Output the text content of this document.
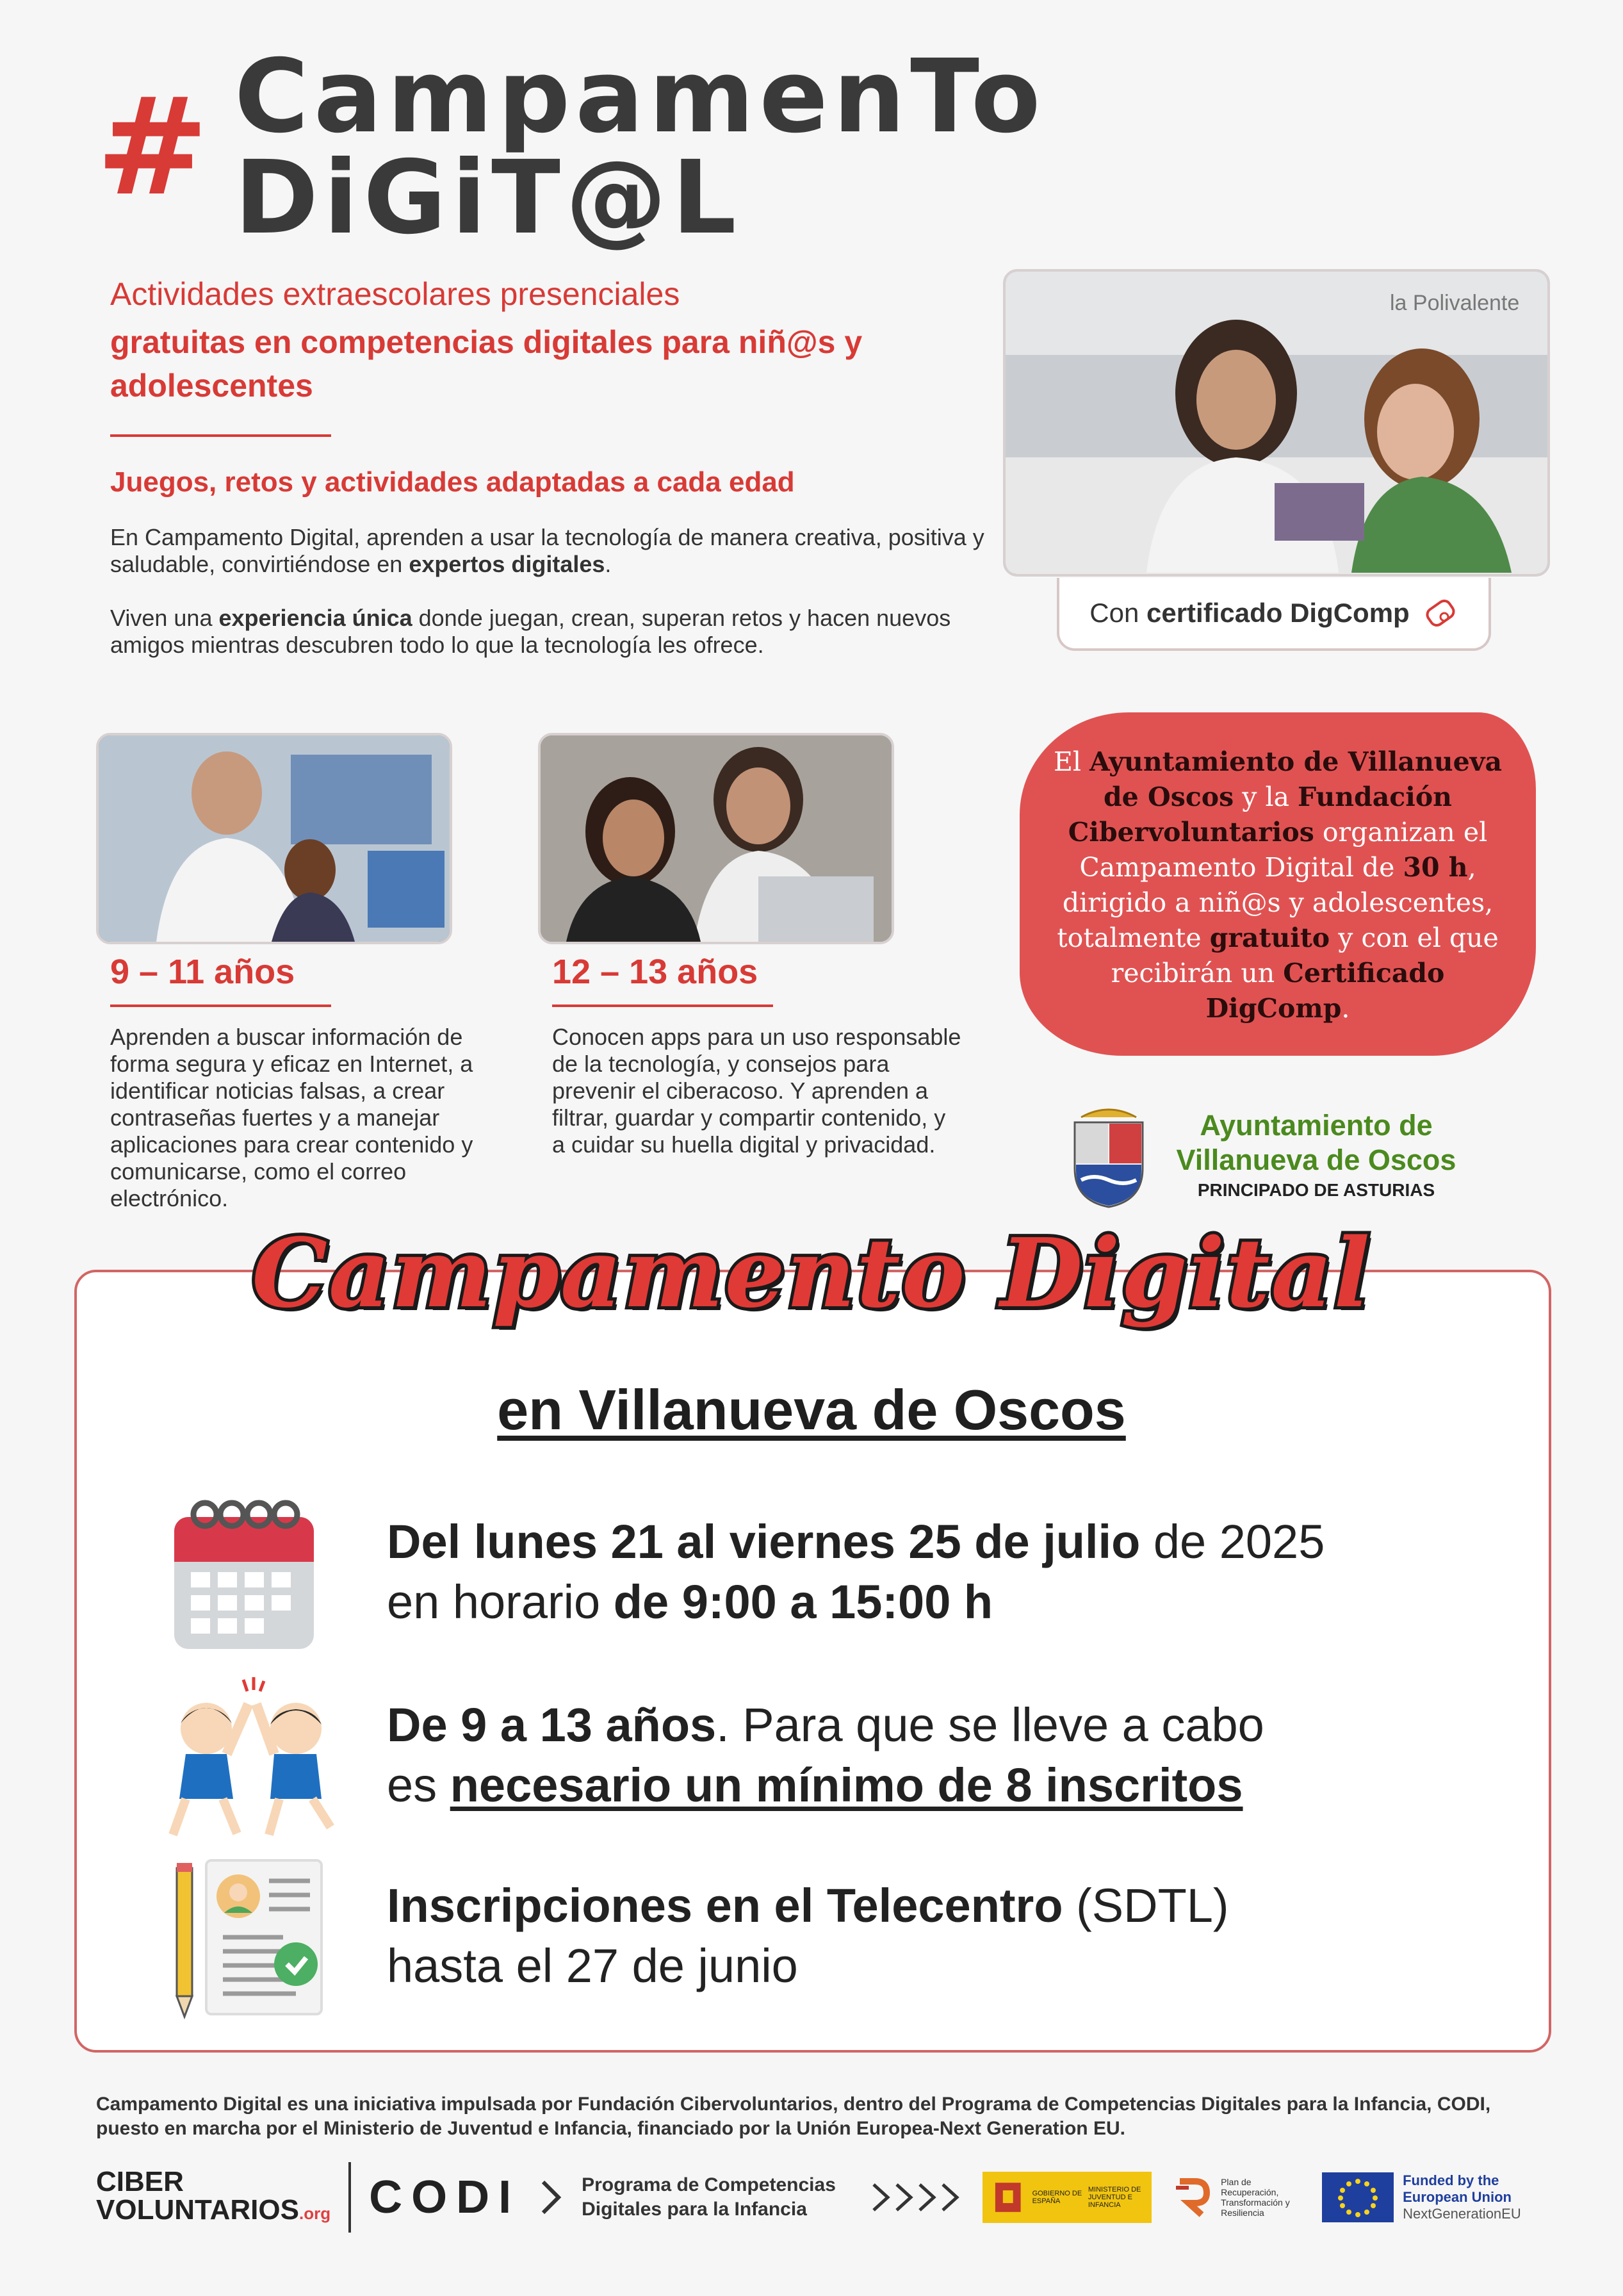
# CampamenTo DiGiT@L
Actividades extraescolares presenciales
gratuitas en competencias digitales para niñ@s y adolescentes
Juegos, retos y actividades adaptadas a cada edad
En Campamento Digital, aprenden a usar la tecnología de manera creativa, positiva y saludable, convirtiéndose en expertos digitales.
Viven una experiencia única donde juegan, crean, superan retos y hacen nuevos amigos mientras descubren todo lo que la tecnología les ofrece.
la Polivalente
Con certificado DigComp
9 – 11 años
Aprenden a buscar información de forma segura y eficaz en Internet, a identificar noticias falsas, a crear contraseñas fuertes y a manejar aplicaciones para crear contenido y comunicarse, como el correo electrónico.
12 – 13 años
Conocen apps para un uso responsable de la tecnología, y consejos para prevenir el ciberacoso. Y aprenden a filtrar, guardar y compartir contenido, y a cuidar su huella digital y privacidad.
El Ayuntamiento de Villanueva de Oscos y la Fundación Cibervoluntarios organizan el Campamento Digital de 30 h, dirigido a niñ@s y adolescentes, totalmente gratuito y con el que recibirán un Certificado DigComp.
Ayuntamiento de Villanueva de Oscos
PRINCIPADO DE ASTURIAS
Campamento Digital
en Villanueva de Oscos
Del lunes 21 al viernes 25 de julio de 2025
en horario de 9:00 a 15:00 h
De 9 a 13 años. Para que se lleve a cabo
es necesario un mínimo de 8 inscritos
Inscripciones en el Telecentro (SDTL)
hasta el 27 de junio
Campamento Digital es una iniciativa impulsada por Fundación Cibervoluntarios, dentro del Programa de Competencias Digitales para la Infancia, CODI, puesto en marcha por el Ministerio de Juventud e Infancia, financiado por la Unión Europea-Next Generation EU.
CIBER
VOLUNTARIOS.org CODI	Programa de Competencias Digitales para la Infancia
GOBIERNO DE ESPAÑA
MINISTERIO DE JUVENTUD E INFANCIA
Plan de Recuperación, Transformación y Resiliencia
Funded by the European Union
NextGenerationEU
